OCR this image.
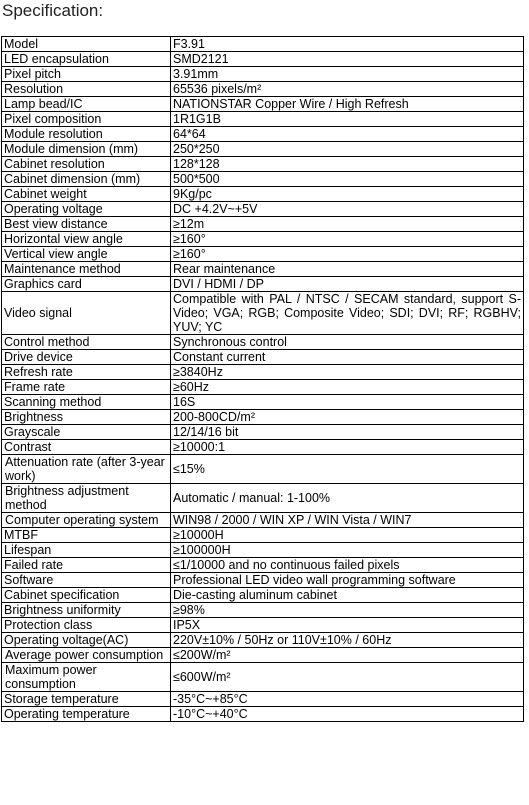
Specification:
Model	F3.91
LED encapsulation	SMD2121
Pixel pitch	3.91mm
Resolution	65536 pixels/m²
Lamp bead/IC	NATIONSTAR Copper Wire / High Refresh
Pixel composition	1R1G1B
Module resolution	64*64
Module dimension (mm)	250*250
Cabinet resolution	128*128
Cabinet dimension (mm)	500*500
Cabinet weight	9Kg/pc
Operating voltage	DC +4.2V~+5V
Best view distance	≥12m
Horizontal view angle	≥160°
Vertical view angle	≥160°
Maintenance method	Rear maintenance
Graphics card	DVI / HDMI / DP
Video signal	Compatible with PAL / NTSC / SECAM standard, support S-Video; VGA; RGB; Composite Video; SDI; DVI; RF; RGBHV; YUV; YC
Control method	Synchronous control
Drive device	Constant current
Refresh rate	≥3840Hz
Frame rate	≥60Hz
Scanning method	16S
Brightness	200-800CD/m²
Grayscale	12/14/16 bit
Contrast	≥10000:1
Attenuation rate (after 3-year work)	≤15%
Brightness adjustment method	Automatic / manual: 1-100%
Computer operating system	WIN98 / 2000 / WIN XP / WIN Vista / WIN7
MTBF	≥10000H
Lifespan	≥100000H
Failed rate	≤1/10000 and no continuous failed pixels
Software	Professional LED video wall programming software
Cabinet specification	Die-casting aluminum cabinet
Brightness uniformity	≥98%
Protection class	IP5X
Operating voltage(AC)	220V±10% / 50Hz or 110V±10% / 60Hz
Average power consumption	≤200W/m²
Maximum power consumption	≤600W/m²
Storage temperature	-35°C~+85°C
Operating temperature	-10°C~+40°C
